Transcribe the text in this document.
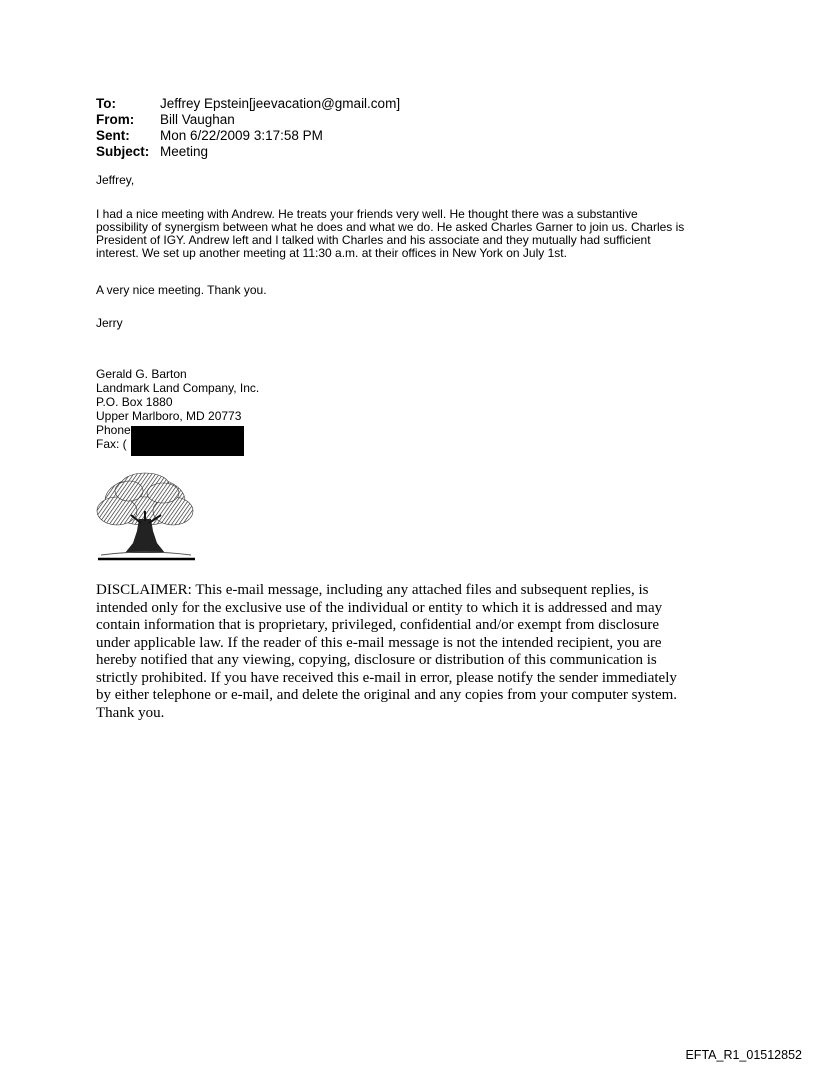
To:	Jeffrey Epstein[jeevacation@gmail.com]
From:	Bill Vaughan
Sent:	Mon 6/22/2009 3:17:58 PM
Subject: Meeting
Jeffrey,
I had a nice meeting with Andrew. He treats your friends very well. He thought there was a substantive
possibility of synergism between what he does and what we do. He asked Charles Garner to join us. Charles is
President of IGY. Andrew left and I talked with Charles and his associate and they mutually had sufficient
interest. We set up another meeting at 11:30 a.m. at their offices in New York on July 1st.
A very nice meeting. Thank you.
Jerry
Gerald G. Barton
Landmark Land Company, Inc.
P.O. Box 1880
Upper Marlboro, MD 20773
Phone
Fax: (
DISCLAIMER: This e-mail message, including any attached files and subsequent replies, is
intended only for the exclusive use of the individual or entity to which it is addressed and may
contain information that is proprietary, privileged, confidential and/or exempt from disclosure
under applicable law. If the reader of this e-mail message is not the intended recipient, you are
hereby notified that any viewing, copying, disclosure or distribution of this communication is
strictly prohibited. If you have received this e-mail in error, please notify the sender immediately
by either telephone or e-mail, and delete the original and any copies from your computer system.
Thank you.
EFTA_R1_01512852
